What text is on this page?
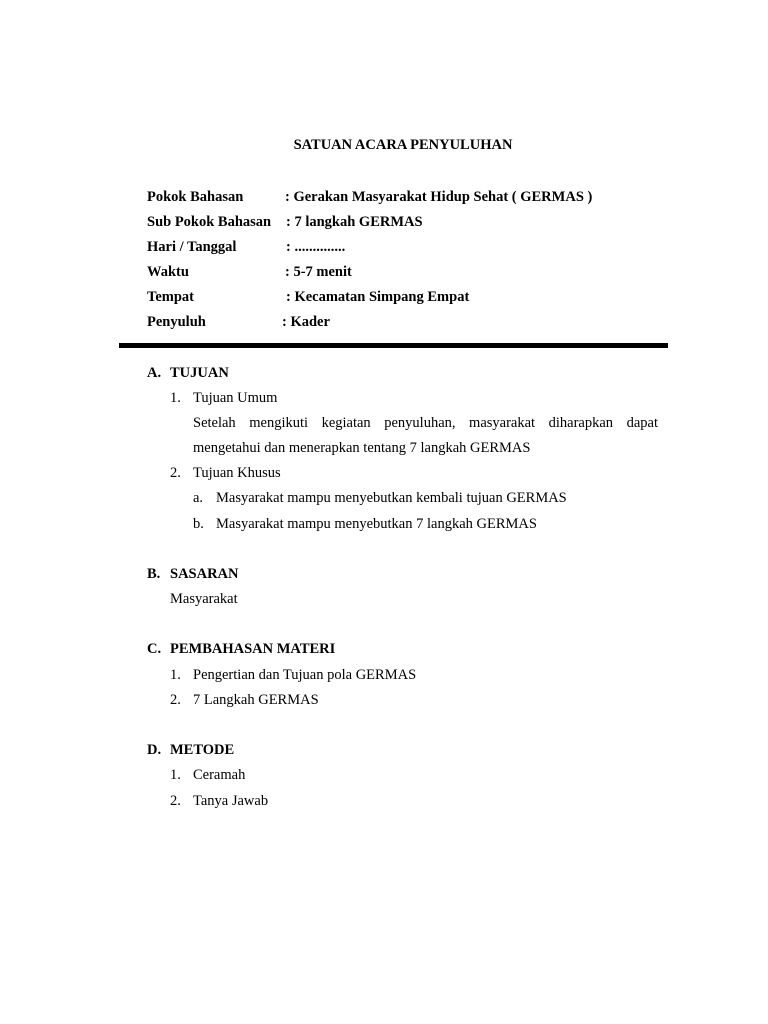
SATUAN ACARA PENYULUHAN
Pokok Bahasan	: Gerakan Masyarakat Hidup Sehat ( GERMAS )
Sub Pokok Bahasan : 7 langkah GERMAS
Hari / Tanggal	: ..............
Waktu	: 5-7 menit
Tempat	: Kecamatan Simpang Empat
Penyuluh	: Kader
A. TUJUAN
1. Tujuan Umum
Setelah mengikuti kegiatan penyuluhan, masyarakat diharapkan dapat
mengetahui dan menerapkan tentang 7 langkah GERMAS
2. Tujuan Khusus
a. Masyarakat mampu menyebutkan kembali tujuan GERMAS
b. Masyarakat mampu menyebutkan 7 langkah GERMAS
B. SASARAN
Masyarakat
C. PEMBAHASAN MATERI
1. Pengertian dan Tujuan pola GERMAS
2. 7 Langkah GERMAS
D. METODE
1. Ceramah
2. Tanya Jawab
